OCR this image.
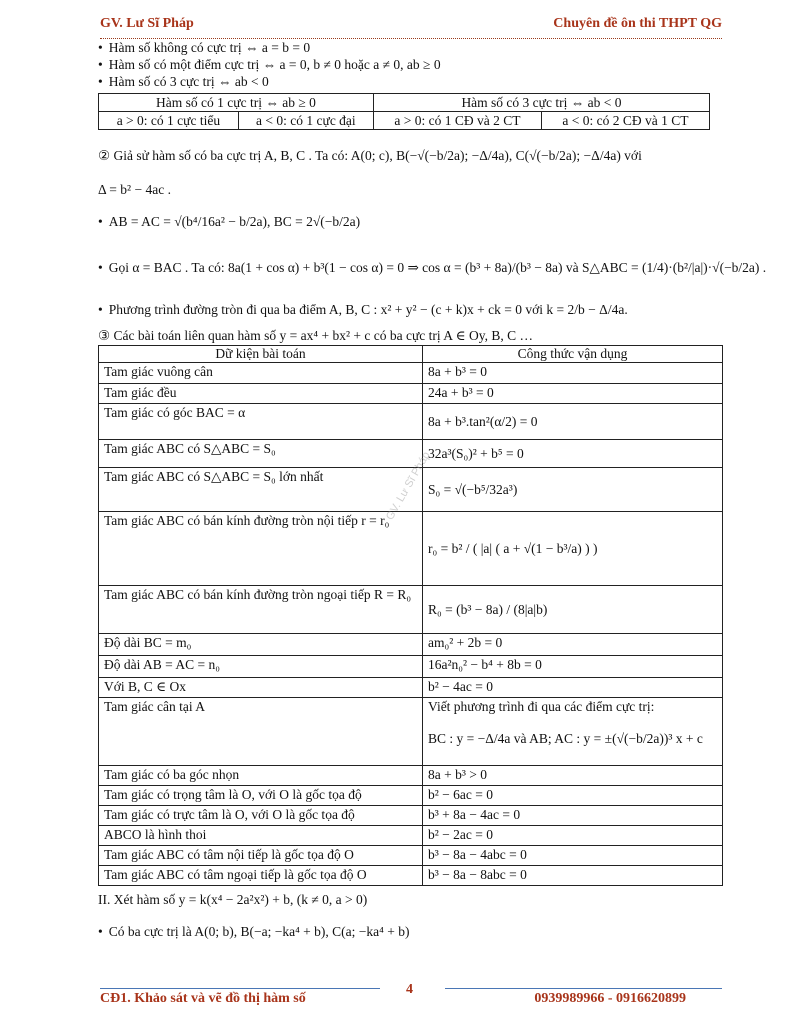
GV. Lư Sĩ Pháp	Chuyên đề ôn thi THPT QG
• Hàm số không có cực trị ⇔ a = b = 0
• Hàm số có một điểm cực trị ⇔ a = 0, b ≠ 0 hoặc a ≠ 0, ab ≥ 0
• Hàm số có 3 cực trị ⇔ ab < 0
Hàm số có 1 cực trị ⇔ ab ≥ 0		Hàm số có 3 cực trị ⇔ ab < 0	
a > 0: có 1 cực tiểu	a < 0: có 1 cực đại	a > 0: có 1 CĐ và 2 CT	a < 0: có 2 CĐ và 1 CT
② Giả sử hàm số có ba cực trị A, B, C . Ta có: A(0; c), B(−√(−b/2a); −Δ/4a), C(√(−b/2a); −Δ/4a) với
Δ = b² − 4ac .
• AB = AC = √(b⁴/16a² − b/2a), BC = 2√(−b/2a)
• Gọi α = BAC . Ta có: 8a(1 + cos α) + b³(1 − cos α) = 0 ⇒ cos α = (b³ + 8a)/(b³ − 8a) và S△ABC = (1/4)·(b²/|a|)·√(−b/2a) .
• Phương trình đường tròn đi qua ba điểm A, B, C : x² + y² − (c + k)x + ck = 0 với k = 2/b − Δ/4a.
③ Các bài toán liên quan hàm số y = ax⁴ + bx² + c có ba cực trị A ∈ Oy, B, C …
Dữ kiện bài toán	Công thức vận dụng
Tam giác vuông cân	8a + b³ = 0
Tam giác đều	24a + b³ = 0
Tam giác có góc BAC = α	8a + b³.tan²(α/2) = 0
Tam giác ABC có S△ABC = S₀	32a³(S₀)² + b⁵ = 0
Tam giác ABC có S△ABC = S₀ lớn nhất	S₀ = √(−b⁵/32a³)
Tam giác ABC có bán kính đường tròn nội tiếp r = r₀	r₀ = b² / ( |a| ( a + √(1 − b³/a) ) )
Tam giác ABC có bán kính đường tròn ngoại tiếp R = R₀	R₀ = (b³ − 8a) / (8|a|b)
Độ dài BC = m₀	am₀² + 2b = 0
Độ dài AB = AC = n₀	16a²n₀² − b⁴ + 8b = 0
Với B, C ∈ Ox	b² − 4ac = 0
Tam giác cân tại A	Viết phương trình đi qua các điểm cực trị:
BC : y = −Δ/4a và AB; AC : y = ±(√(−b/2a))³ x + c

Tam giác có ba góc nhọn	8a + b³ > 0
Tam giác có trọng tâm là O, với O là gốc tọa độ	b² − 6ac = 0
Tam giác có trực tâm là O, với O là gốc tọa độ	b³ + 8a − 4ac = 0
ABCO là hình thoi	b² − 2ac = 0
Tam giác ABC có tâm nội tiếp là gốc tọa độ O	b³ − 8a − 4abc = 0
Tam giác ABC có tâm ngoại tiếp là gốc tọa độ O	b³ − 8a − 8abc = 0
II. Xét hàm số y = k(x⁴ − 2a²x²) + b, (k ≠ 0, a > 0)
• Có ba cực trị là A(0; b), B(−a; −ka⁴ + b), C(a; −ka⁴ + b)
GV. Lư Sĩ Pháp
CĐ1. Khảo sát và vẽ đồ thị hàm số
4
0939989966 - 0916620899
